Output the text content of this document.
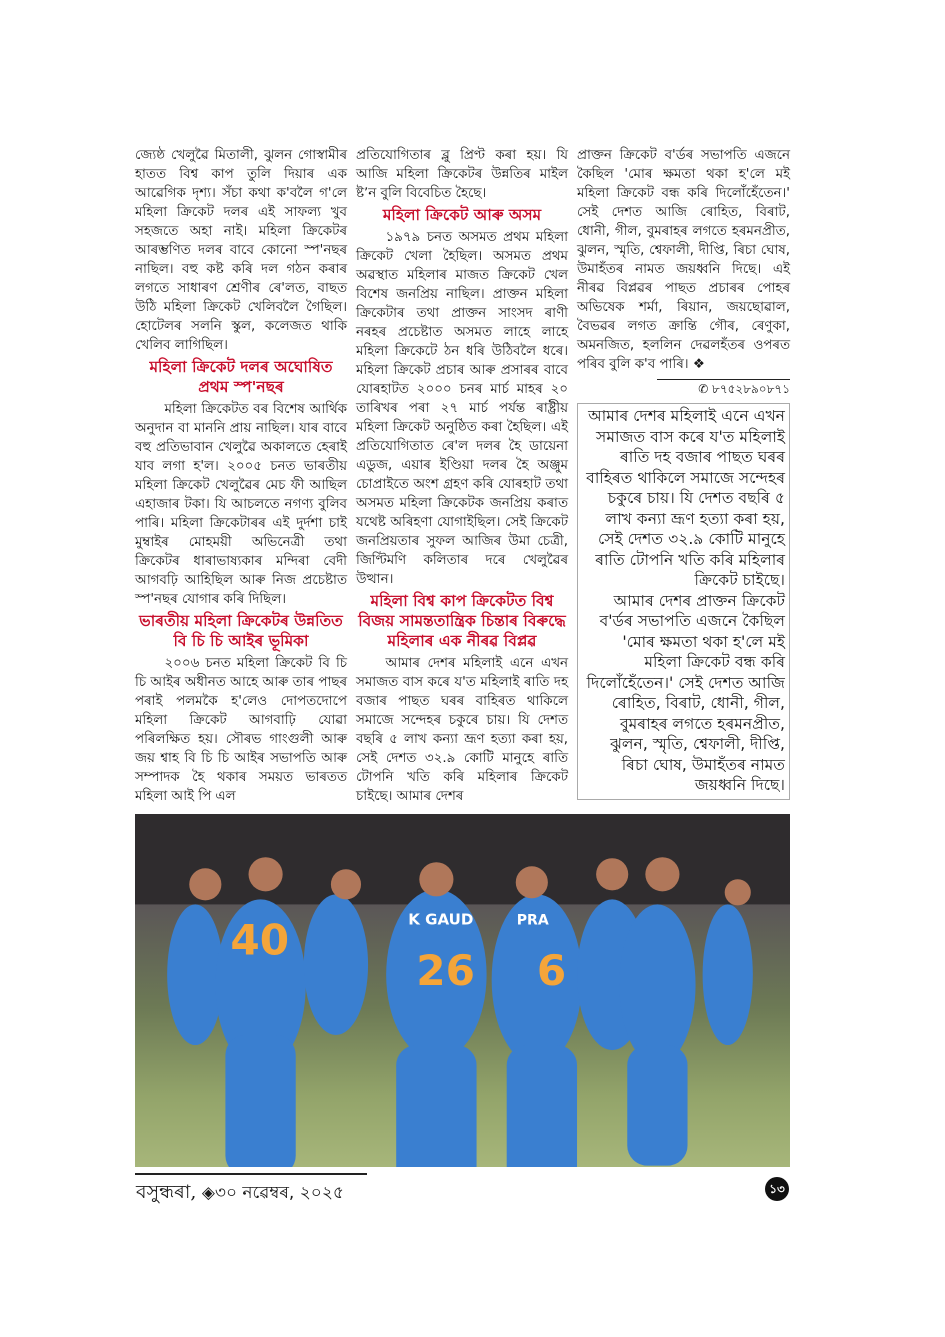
জ্যেষ্ঠ খেলুৱৈ মিতালী, ঝুলন গোস্বামীৰ হাতত বিশ্ব কাপ তুলি দিয়াৰ এক আৱেগিক দৃশ্য। সঁচা কথা ক'বলৈ গ'লে মহিলা ক্রিকেট দলৰ এই সাফল্য খুব সহজতে অহা নাই। মহিলা ক্রিকেটৰ আৰম্ভণিত দলৰ বাবে কোনো স্প'নছৰ নাছিল। বহু কষ্ট কৰি দল গঠন কৰাৰ লগতে সাধাৰণ শ্রেণীৰ ৰে'লত, বাছত উঠি মহিলা ক্রিকেট খেলিবলৈ গৈছিল। হোটেলৰ সলনি স্কুল, কলেজত থাকি খেলিব লাগিছিল।

মহিলা ক্রিকেট দলৰ অঘোষিত প্রথম স্প'নছৰ

মহিলা ক্রিকেটত বৰ বিশেষ আর্থিক অনুদান বা মাননি প্রায় নাছিল। যাৰ বাবে বহু প্রতিভাবান খেলুৱৈ অকালতে হেৰাই যাব লগা হ'ল। ২০০৫ চনত ভাৰতীয় মহিলা ক্রিকেট খেলুৱৈৰ মেচ ফী আছিল এহাজাৰ টকা। যি আচলতে নগণ্য বুলিব পাৰি। মহিলা ক্রিকেটাৰৰ এই দুর্দশা চাই মুম্বাইৰ মোহময়ী অভিনেত্রী তথা ক্রিকেটৰ ধাৰাভাষ্যকাৰ মন্দিৰা বেদী আগবঢ়ি আহিছিল আৰু নিজ প্রচেষ্টাত স্প'নছৰ যোগাৰ কৰি দিছিল।

ভাৰতীয় মহিলা ক্রিকেটৰ উন্নতিত বি চি চি আইৰ ভূমিকা

২০০৬ চনত মহিলা ক্রিকেট বি চি চি আইৰ অধীনত আহে আৰু তাৰ পাছৰ পৰাই পলমকৈ হ'লেও দোপতদোপে মহিলা ক্রিকেট আগবাঢ়ি যোৱা পৰিলক্ষিত হয়। সৌৰভ গাংগুলী আৰু জয় শ্বাহ বি চি চি আইৰ সভাপতি আৰু সম্পাদক হৈ থকাৰ সময়ত ভাৰতত মহিলা আই পি এল

প্রতিযোগিতাৰ ব্লু প্রিণ্ট কৰা হয়। যি আজি মহিলা ক্রিকেটৰ উন্নতিৰ মাইল ষ্টʼন বুলি বিবেচিত হৈছে।

মহিলা ক্রিকেট আৰু অসম

১৯৭৯ চনত অসমত প্রথম মহিলা ক্রিকেট খেলা হৈছিল। অসমত প্রথম অৱস্থাত মহিলাৰ মাজত ক্রিকেট খেল বিশেষ জনপ্রিয় নাছিল। প্রাক্তন মহিলা ক্রিকেটাৰ তথা প্রাক্তন সাংসদ ৰাণী নৰহৰ প্রচেষ্টাত অসমত লাহে লাহে মহিলা ক্রিকেটে ঠন ধৰি উঠিবলৈ ধৰে। মহিলা ক্রিকেট প্রচাৰ আৰু প্রসাৰৰ বাবে যোৰহাটত ২০০০ চনৰ মার্চ মাহৰ ২০ তাৰিখৰ পৰা ২৭ মার্চ পর্যন্ত ৰাষ্ট্রীয় মহিলা ক্রিকেট অনুষ্ঠিত কৰা হৈছিল। এই প্রতিযোগিতাত ৰে'ল দলৰ হৈ ডায়েনা এডুজ, এয়াৰ ইণ্ডিয়া দলৰ হৈ অঞ্জুম চোপ্রাইতে অংশ গ্রহণ কৰি যোৰহাট তথা অসমত মহিলা ক্রিকেটক জনপ্রিয় কৰাত যথেষ্ট অৰিহণা যোগাইছিল। সেই ক্রিকেট জনপ্রিয়তাৰ সুফল আজিৰ উমা চেত্রী, জিণ্টিমণি কলিতাৰ দৰে খেলুৱৈৰ উত্থান।

মহিলা বিশ্ব কাপ ক্রিকেটত বিশ্ব বিজয় সামন্ততান্ত্রিক চিন্তাৰ বিৰুদ্ধে মহিলাৰ এক নীৰৱ বিপ্লৱ

আমাৰ দেশৰ মহিলাই এনে এখন সমাজত বাস কৰে য'ত মহিলাই ৰাতি দহ বজাৰ পাছত ঘৰৰ বাহিৰত থাকিলে সমাজে সন্দেহৰ চকুৰে চায়। যি দেশত বছৰি ৫ লাখ কন্যা ভ্রূণ হত্যা কৰা হয়, সেই দেশত ৩২.৯ কোটি মানুহে ৰাতি টোপনি খতি কৰি মহিলাৰ ক্রিকেট চাইছে। আমাৰ দেশৰ

প্রাক্তন ক্রিকেট ব'র্ডৰ সভাপতি এজনে কৈছিল 'মোৰ ক্ষমতা থকা হ'লে মই মহিলা ক্রিকেট বন্ধ কৰি দিলোঁহেঁতেন।' সেই দেশত আজি ৰোহিত, বিৰাট, ধোনী, গীল, বুমৰাহৰ লগতে হৰমনপ্রীত, ঝুলন, স্মৃতি, শ্বেফালী, দীপ্তি, ৰিচা ঘোষ, উমাহঁতৰ নামত জয়ধ্বনি দিছে। এই নীৰৱ বিপ্লৱৰ পাছত প্রচাৰৰ পোহৰ অভিষেক শর্মা, ৰিয়ান, জয়ছোৱাল, বৈভৱৰ লগত ক্রান্তি গৌৰ, ৰেণুকা, অমনজিত, হললিন দেৱলহঁতৰ ওপৰত পৰিব বুলি ক'ব পাৰি। ❖

✆ ৮৭৫২৮৯০৮৭১

আমাৰ দেশৰ মহিলাই এনে এখন সমাজত বাস কৰে য'ত মহিলাই ৰাতি দহ বজাৰ পাছত ঘৰৰ বাহিৰত থাকিলে সমাজে সন্দেহৰ চকুৰে চায়। যি দেশত বছৰি ৫ লাখ কন্যা ভ্রূণ হত্যা কৰা হয়, সেই দেশত ৩২.৯ কোটি মানুহে ৰাতি টোপনি খতি কৰি মহিলাৰ ক্রিকেট চাইছে।

আমাৰ দেশৰ প্রাক্তন ক্রিকেট ব'র্ডৰ সভাপতি এজনে কৈছিল 'মোৰ ক্ষমতা থকা হ'লে মই মহিলা ক্রিকেট বন্ধ কৰি দিলোঁহেঁতেন।' সেই দেশত আজি ৰোহিত, বিৰাট, ধোনী, গীল, বুমৰাহৰ লগতে হৰমনপ্রীত, ঝুলন, স্মৃতি, শ্বেফালী, দীপ্তি, ৰিচা ঘোষ, উমাহঁতৰ নামত জয়ধ্বনি দিছে।

40	K GAUD
26
PRA
6
বসুন্ধৰা, ◈৩০ নৱেম্বৰ, ২০২৫	১৩
